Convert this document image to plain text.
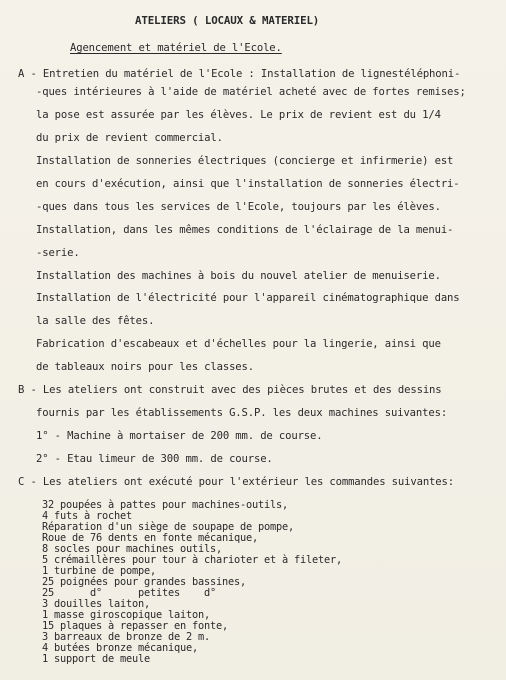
ATELIERS ( LOCAUX & MATERIEL)
Agencement et matériel de l'Ecole.
A - Entretien du matériel de l'Ecole : Installation de lignestéléphoni-
-ques intérieures à l'aide de matériel acheté avec de fortes remises;
la pose est assurée par les élèves. Le prix de revient est du 1/4
du prix de revient commercial.
Installation de sonneries électriques (concierge et infirmerie) est
en cours d'exécution, ainsi que l'installation de sonneries électri-
-ques dans tous les services de l'Ecole, toujours par les élèves.
Installation, dans les mêmes conditions de l'éclairage de la menui-
-serie.
Installation des machines à bois du nouvel atelier de menuiserie.
Installation de l'électricité pour l'appareil cinématographique dans
la salle des fêtes.
Fabrication d'escabeaux et d'échelles pour la lingerie, ainsi que
de tableaux noirs pour les classes.
B - Les ateliers ont construit avec des pièces brutes et des dessins
fournis par les établissements G.S.P. les deux machines suivantes:
1° - Machine à mortaiser de 200 mm. de course.
2° - Etau limeur de 300 mm. de course.
C - Les ateliers ont exécuté pour l'extérieur les commandes suivantes:
32 poupées à pattes pour machines-outils,
4 futs à rochet
Réparation d'un siège de soupape de pompe,
Roue de 76 dents en fonte mécanique,
8 socles pour machines outils,
5 crémaillères pour tour à charioter et à fileter,
1 turbine de pompe,
25 poignées pour grandes bassines,
25      d°      petites    d°
3 douilles laiton,
1 masse giroscopique laiton,
15 plaques à repasser en fonte,
3 barreaux de bronze de 2 m.
4 butées bronze mécanique,
1 support de meule
